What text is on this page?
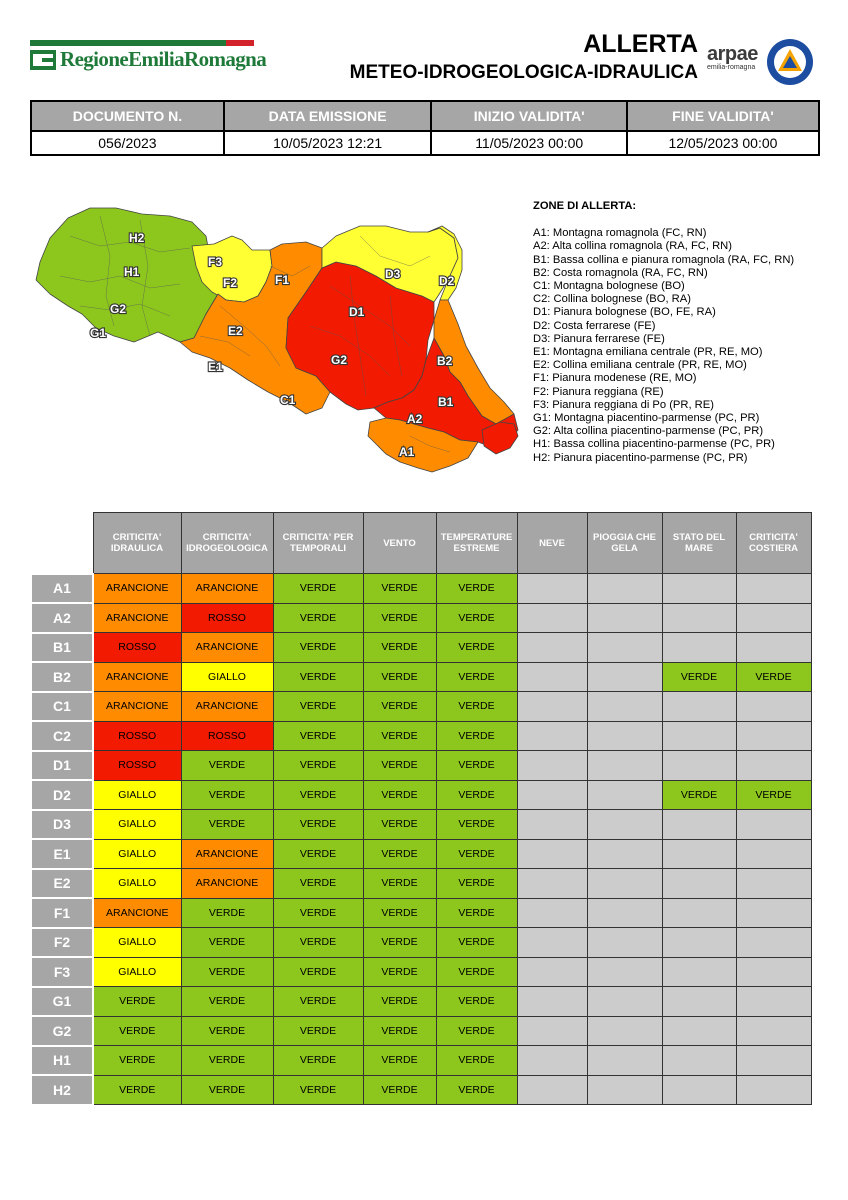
RegioneEmiliaRomagna
ALLERTA
METEO-IDROGEOLOGICA-IDRAULICA
arpae
emilia-romagna
DOCUMENTO N.	DATA EMISSIONE	INIZIO VALIDITA'	FINE VALIDITA'
056/2023	10/05/2023 12:21	11/05/2023 00:00	12/05/2023 00:00
H2
H1
G2
G1
F3
F2	F1
E2
E1
D1
D3	D2
G2
C1
B2
B1
A2
A1
ZONE DI ALLERTA:
A1: Montagna romagnola (FC, RN)
A2: Alta collina romagnola (RA, FC, RN)
B1: Bassa collina e pianura romagnola (RA, FC, RN)
B2: Costa romagnola (RA, FC, RN)
C1: Montagna bolognese (BO)
C2: Collina bolognese (BO, RA)
D1: Pianura bolognese (BO, FE, RA)
D2: Costa ferrarese (FE)
D3: Pianura ferrarese (FE)
E1: Montagna emiliana centrale (PR, RE, MO)
E2: Collina emiliana centrale (PR, RE, MO)
F1: Pianura modenese (RE, MO)
F2: Pianura reggiana (RE)
F3: Pianura reggiana di Po (PR, RE)
G1: Montagna piacentino-parmense (PC, PR)
G2: Alta collina piacentino-parmense (PC, PR)
H1: Bassa collina piacentino-parmense (PC, PR)
H2: Pianura piacentino-parmense (PC, PR)
	CRITICITA' IDRAULICA	CRITICITA' IDROGEOLOGICA	CRITICITA' PER TEMPORALI	VENTO	TEMPERATURE ESTREME	NEVE	PIOGGIA CHE GELA	STATO DEL MARE	CRITICITA' COSTIERA
A1	ARANCIONE	ARANCIONE	VERDE	VERDE	VERDE				
A2	ARANCIONE	ROSSO	VERDE	VERDE	VERDE				
B1	ROSSO	ARANCIONE	VERDE	VERDE	VERDE				
B2	ARANCIONE	GIALLO	VERDE	VERDE	VERDE			VERDE	VERDE
C1	ARANCIONE	ARANCIONE	VERDE	VERDE	VERDE				
C2	ROSSO	ROSSO	VERDE	VERDE	VERDE				
D1	ROSSO	VERDE	VERDE	VERDE	VERDE				
D2	GIALLO	VERDE	VERDE	VERDE	VERDE			VERDE	VERDE
D3	GIALLO	VERDE	VERDE	VERDE	VERDE				
E1	GIALLO	ARANCIONE	VERDE	VERDE	VERDE				
E2	GIALLO	ARANCIONE	VERDE	VERDE	VERDE				
F1	ARANCIONE	VERDE	VERDE	VERDE	VERDE				
F2	GIALLO	VERDE	VERDE	VERDE	VERDE				
F3	GIALLO	VERDE	VERDE	VERDE	VERDE				
G1	VERDE	VERDE	VERDE	VERDE	VERDE				
G2	VERDE	VERDE	VERDE	VERDE	VERDE				
H1	VERDE	VERDE	VERDE	VERDE	VERDE				
H2	VERDE	VERDE	VERDE	VERDE	VERDE				
